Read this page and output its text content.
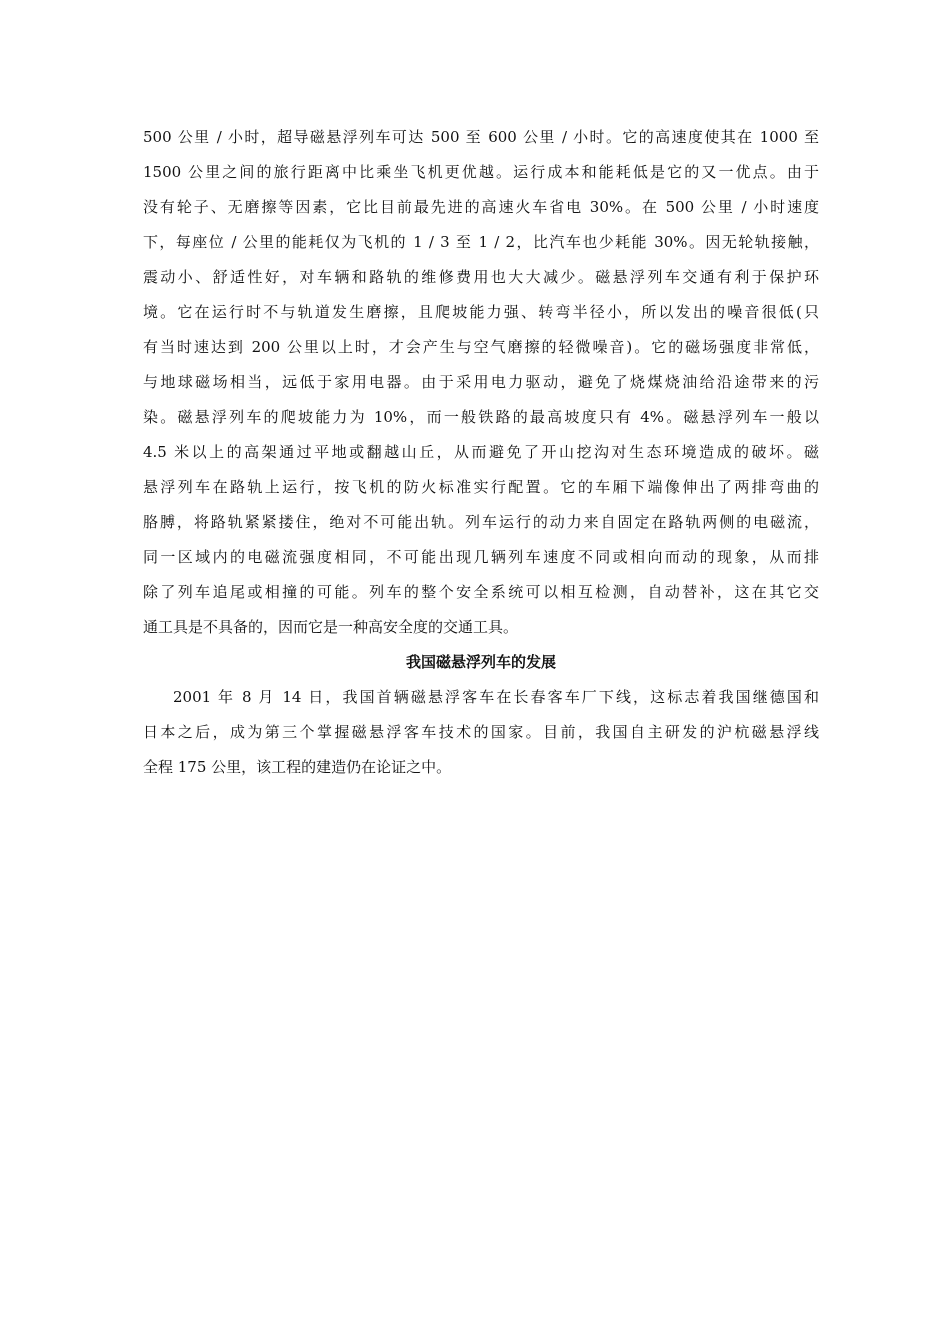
500 公里 / 小时，超导磁悬浮列车可达 500 至 600 公里 / 小时。它的高速度使其在 1000 至
1500 公里之间的旅行距离中比乘坐飞机更优越。运行成本和能耗低是它的又一优点。由于
没有轮子、无磨擦等因素，它比目前最先进的高速火车省电 30%。在 500 公里 / 小时速度
下，每座位 / 公里的能耗仅为飞机的 1 / 3 至 1 / 2，比汽车也少耗能 30%。因无轮轨接触，
震动小、舒适性好，对车辆和路轨的维修费用也大大减少。磁悬浮列车交通有利于保护环
境。它在运行时不与轨道发生磨擦，且爬坡能力强、转弯半径小，所以发出的噪音很低(只
有当时速达到 200 公里以上时，才会产生与空气磨擦的轻微噪音)。它的磁场强度非常低，
与地球磁场相当，远低于家用电器。由于采用电力驱动，避免了烧煤烧油给沿途带来的污
染。磁悬浮列车的爬坡能力为 10%，而一般铁路的最高坡度只有 4%。磁悬浮列车一般以
4.5 米以上的高架通过平地或翻越山丘，从而避免了开山挖沟对生态环境造成的破坏。磁
悬浮列车在路轨上运行，按飞机的防火标准实行配置。它的车厢下端像伸出了两排弯曲的
胳膊，将路轨紧紧搂住，绝对不可能出轨。列车运行的动力来自固定在路轨两侧的电磁流，
同一区域内的电磁流强度相同，不可能出现几辆列车速度不同或相向而动的现象，从而排
除了列车追尾或相撞的可能。列车的整个安全系统可以相互检测，自动替补，这在其它交
通工具是不具备的，因而它是一种高安全度的交通工具。
我国磁悬浮列车的发展
2001 年 8 月 14 日，我国首辆磁悬浮客车在长春客车厂下线，这标志着我国继德国和
日本之后，成为第三个掌握磁悬浮客车技术的国家。目前，我国自主研发的沪杭磁悬浮线
全程 175 公里，该工程的建造仍在论证之中。
